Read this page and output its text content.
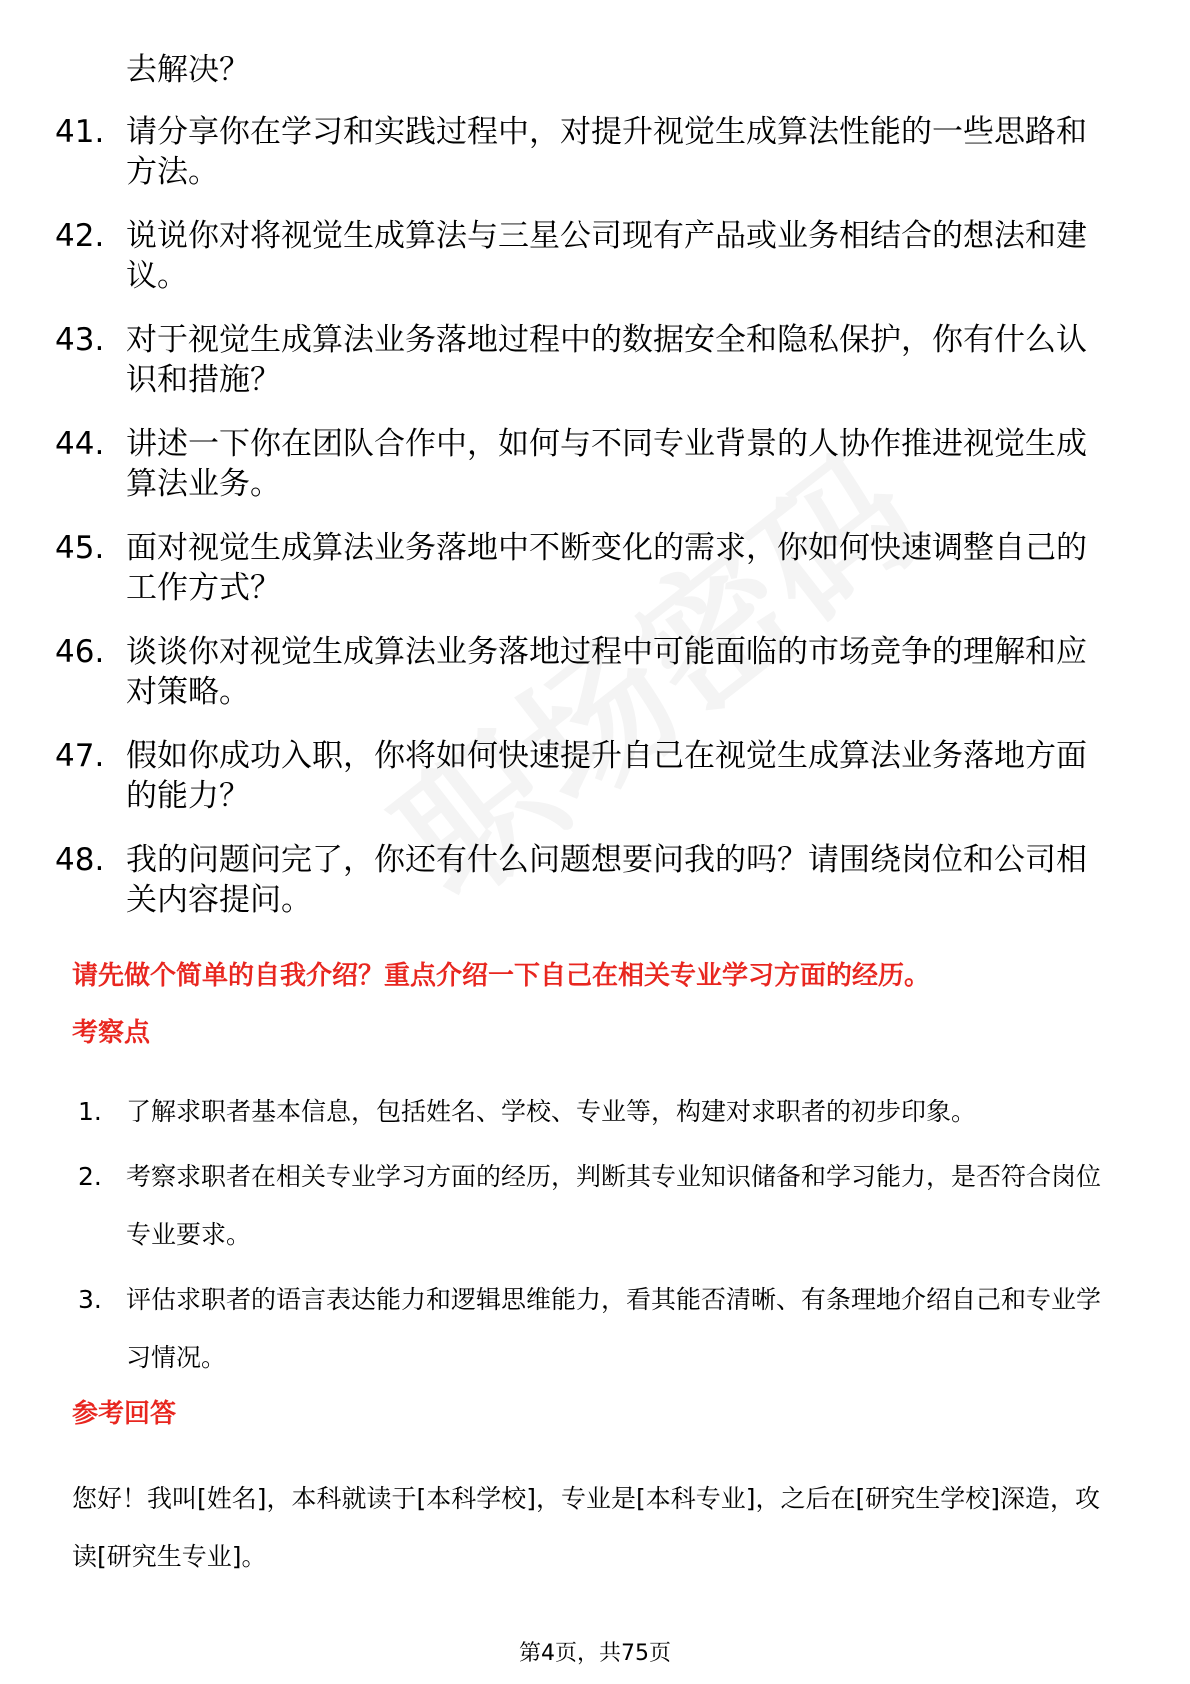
去解决？

41. 请分享你在学习和实践过程中，对提升视觉生成算法性能的一些思路和方法。
42. 说说你对将视觉生成算法与三星公司现有产品或业务相结合的想法和建议。
43. 对于视觉生成算法业务落地过程中的数据安全和隐私保护，你有什么认识和措施？
44. 讲述一下你在团队合作中，如何与不同专业背景的人协作推进视觉生成算法业务。
45. 面对视觉生成算法业务落地中不断变化的需求，你如何快速调整自己的工作方式？
46. 谈谈你对视觉生成算法业务落地过程中可能面临的市场竞争的理解和应对策略。
47. 假如你成功入职，你将如何快速提升自己在视觉生成算法业务落地方面的能力？
48. 我的问题问完了，你还有什么问题想要问我的吗？请围绕岗位和公司相关内容提问。
请先做个简单的自我介绍？重点介绍一下自己在相关专业学习方面的经历。
考察点
1. 了解求职者基本信息，包括姓名、学校、专业等，构建对求职者的初步印象。
2. 考察求职者在相关专业学习方面的经历，判断其专业知识储备和学习能力，是否符合岗位专业要求。
3. 评估求职者的语言表达能力和逻辑思维能力，看其能否清晰、有条理地介绍自己和专业学习情况。
参考回答

您好！我叫[姓名]，本科就读于[本科学校]，专业是[本科专业]，之后在[研究生学校]深造，攻读[研究生专业]。

第4页，共75页
